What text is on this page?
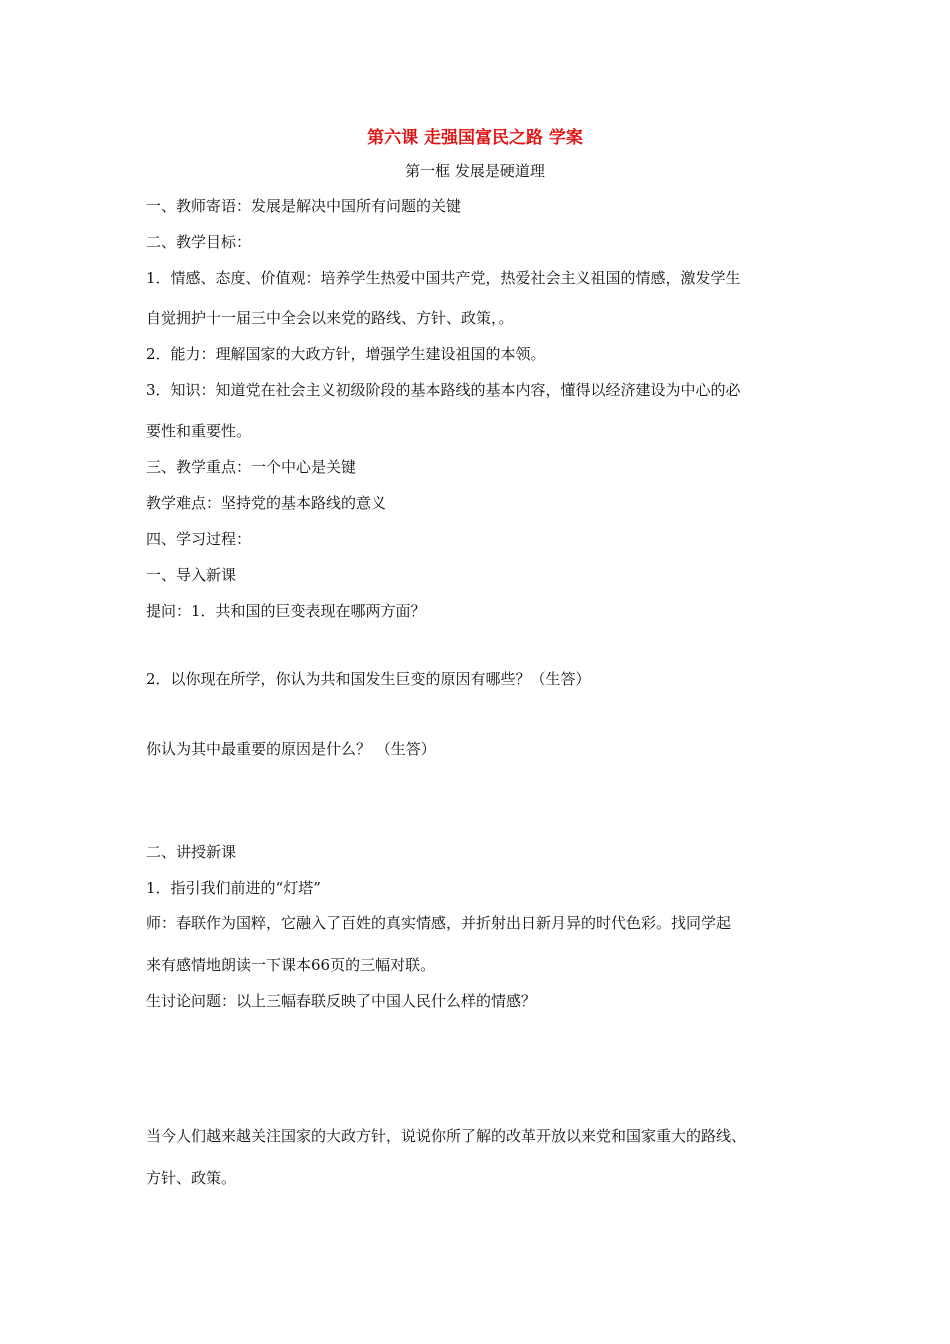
第六课 走强国富民之路 学案
第一框 发展是硬道理
一、教师寄语：发展是解决中国所有问题的关键
二、教学目标：
1．情感、态度、价值观：培养学生热爱中国共产党，热爱社会主义祖国的情感，激发学生
自觉拥护十一届三中全会以来党的路线、方针、政策，。
2．能力：理解国家的大政方针，增强学生建设祖国的本领。
3．知识：知道党在社会主义初级阶段的基本路线的基本内容，懂得以经济建设为中心的必
要性和重要性。
三、教学重点：一个中心是关键
教学难点：坚持党的基本路线的意义
四、学习过程：
一、导入新课
提问：1．共和国的巨变表现在哪两方面？
2．以你现在所学，你认为共和国发生巨变的原因有哪些？（生答）
你认为其中最重要的原因是什么？ （生答）
二、讲授新课
1．指引我们前进的“灯塔”
师：春联作为国粹，它融入了百姓的真实情感，并折射出日新月异的时代色彩。找同学起
来有感情地朗读一下课本66页的三幅对联。
生讨论问题：以上三幅春联反映了中国人民什么样的情感？
当今人们越来越关注国家的大政方针，说说你所了解的改革开放以来党和国家重大的路线、
方针、政策。
